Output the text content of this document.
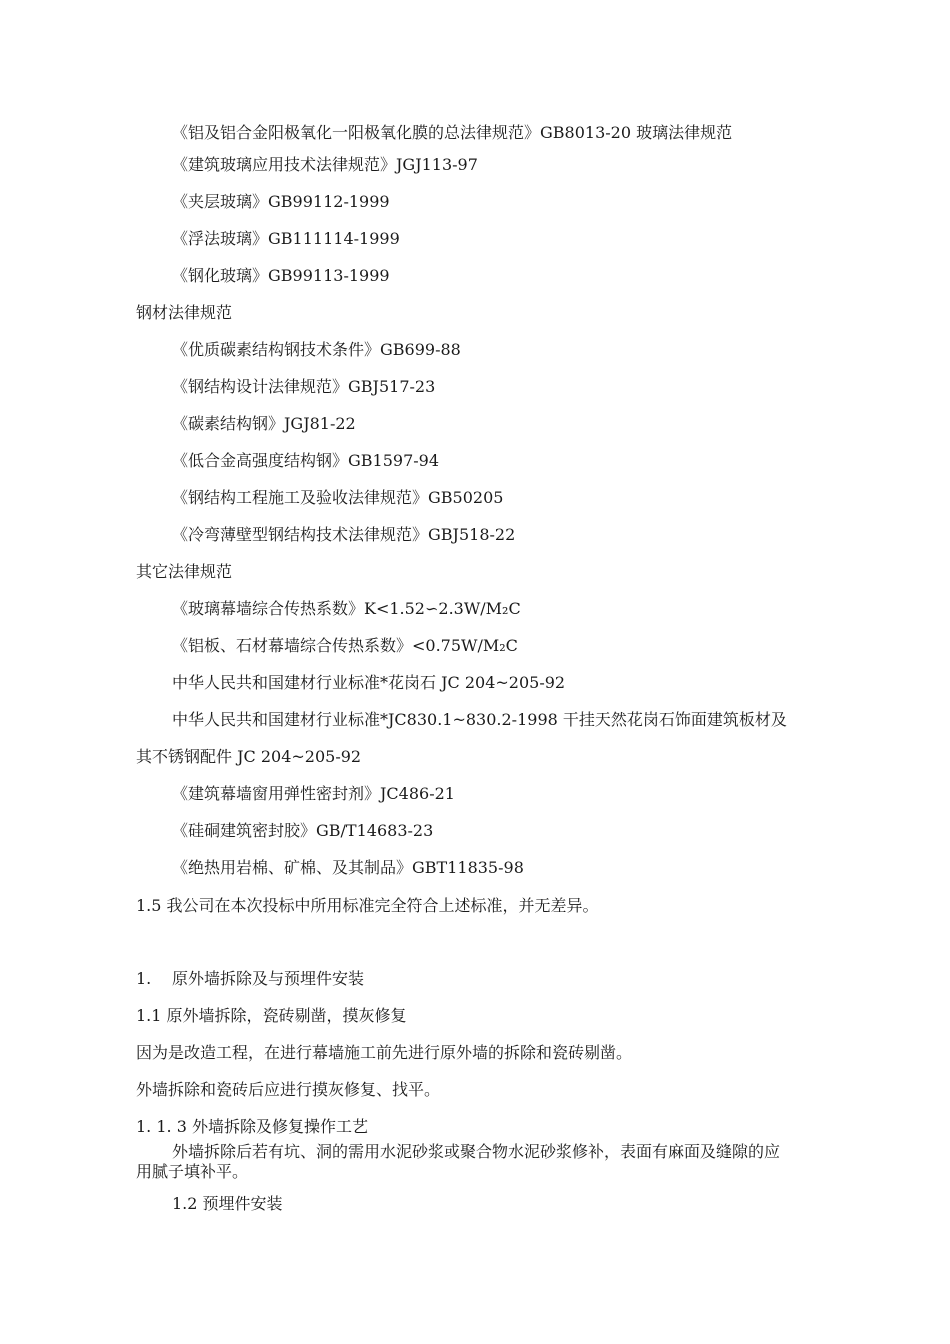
《铝及铝合金阳极氧化一阳极氧化膜的总法律规范》GB8013-20 玻璃法律规范

《建筑玻璃应用技术法律规范》JGJ113-97

《夹层玻璃》GB99112-1999

《浮法玻璃》GB111114-1999

《钢化玻璃》GB99113-1999

钢材法律规范

《优质碳素结构钢技术条件》GB699-88

《钢结构设计法律规范》GBJ517-23

《碳素结构钢》JGJ81-22

《低合金高强度结构钢》GB1597-94

《钢结构工程施工及验收法律规范》GB50205

《冷弯薄壁型钢结构技术法律规范》GBJ518-22

其它法律规范

《玻璃幕墙综合传热系数》K<1.52∽2.3W/M₂C

《铝板、石材幕墙综合传热系数》<0.75W/M₂C

中华人民共和国建材行业标准*花岗石 JC 204~205-92

中华人民共和国建材行业标准*JC830.1~830.2-1998 干挂天然花岗石饰面建筑板材及

其不锈钢配件 JC 204~205-92

《建筑幕墙窗用弹性密封剂》JC486-21

《硅硐建筑密封胶》GB/T14683-23

《绝热用岩棉、矿棉、及其制品》GBT11835-98

1.5 我公司在本次投标中所用标准完全符合上述标准，并无差异。

1. 原外墙拆除及与预埋件安装

1.1 原外墙拆除，瓷砖剔凿，摸灰修复

因为是改造工程，在进行幕墙施工前先进行原外墙的拆除和瓷砖剔凿。

外墙拆除和瓷砖后应进行摸灰修复、找平。

1. 1. 3 外墙拆除及修复操作工艺

外墙拆除后若有坑、洞的需用水泥砂浆或聚合物水泥砂浆修补，表面有麻面及缝隙的应

用腻子填补平。

1.2 预埋件安装
